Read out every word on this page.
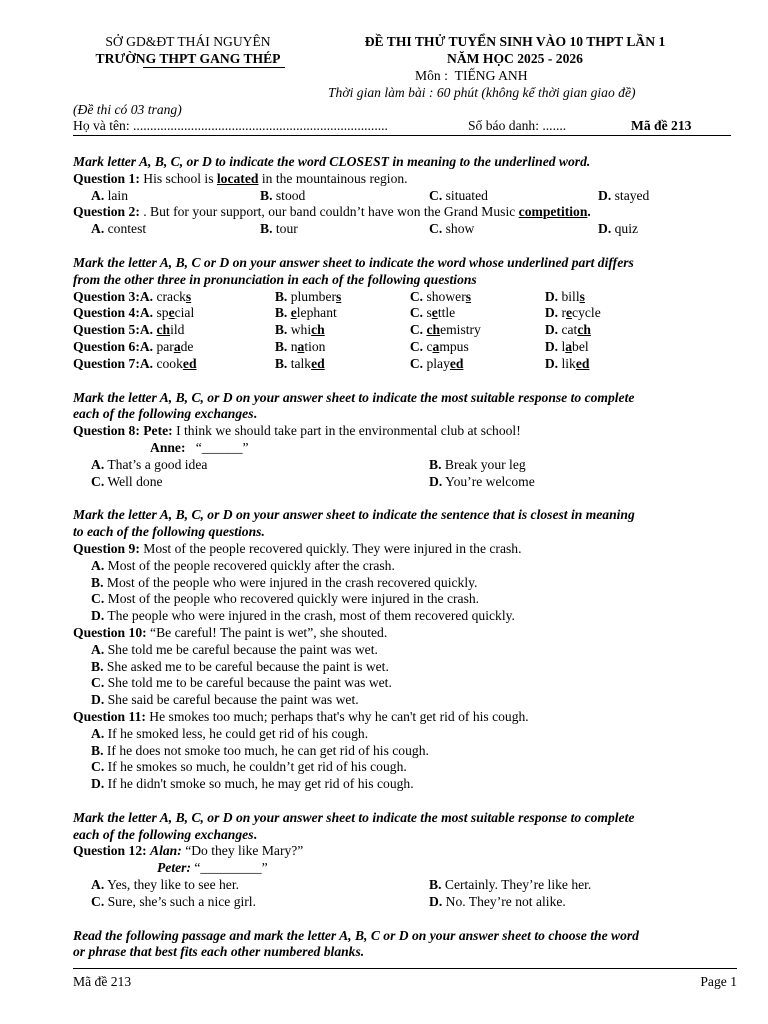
SỞ GD&ĐT THÁI NGUYÊN
TRƯỜNG THPT GANG THÉP
ĐỀ THI THỬ TUYỂN SINH VÀO 10 THPT LẦN 1
NĂM HỌC 2025 - 2026
Môn : TIẾNG ANH
Thời gian làm bài : 60 phút (không kể thời gian giao đề)
(Đề thi có 03 trang)
Họ và tên: ...........................................................................	Số báo danh: .......	Mã đề 213
Mark letter A, B, C, or D to indicate the word CLOSEST in meaning to the underlined word.
Question 1: His school is located in the mountainous region.
A. lain	B. stood	C. situated	D. stayed
Question 2: . But for your support, our band couldn’t have won the Grand Music competition.
A. contest	B. tour	C. show	D. quiz
Mark the letter A, B, C or D on your answer sheet to indicate the word whose underlined part differs
from the other three in pronunciation in each of the following questions
Question 3: A. cracks	B. plumbers	C. showers	D. bills
Question 4: A. special	B. elephant	C. settle	D. recycle
Question 5: A. child	B. which	C. chemistry	D. catch
Question 6: A. parade	B. nation	C. campus	D. label
Question 7: A. cooked	B. talked	C. played	D. liked
Mark the letter A, B, C, or D on your answer sheet to indicate the most suitable response to complete
each of the following exchanges.
Question 8: Pete: I think we should take part in the environmental club at school!
Anne: “______”
A. That’s a good idea	B. Break your leg
C. Well done	D. You’re welcome
Mark the letter A, B, C, or D on your answer sheet to indicate the sentence that is closest in meaning
to each of the following questions.
Question 9: Most of the people recovered quickly. They were injured in the crash.
A. Most of the people recovered quickly after the crash.
B. Most of the people who were injured in the crash recovered quickly.
C. Most of the people who recovered quickly were injured in the crash.
D. The people who were injured in the crash, most of them recovered quickly.
Question 10: “Be careful! The paint is wet”, she shouted.
A. She told me be careful because the paint was wet.
B. She asked me to be careful because the paint is wet.
C. She told me to be careful because the paint was wet.
D. She said be careful because the paint was wet.
Question 11: He smokes too much; perhaps that's why he can't get rid of his cough.
A. If he smoked less, he could get rid of his cough.
B. If he does not smoke too much, he can get rid of his cough.
C. If he smokes so much, he couldn’t get rid of his cough.
D. If he didn't smoke so much, he may get rid of his cough.
Mark the letter A, B, C, or D on your answer sheet to indicate the most suitable response to complete
each of the following exchanges.
Question 12: Alan: “Do they like Mary?”
Peter: “_________”
A. Yes, they like to see her.	B. Certainly. They’re like her.
C. Sure, she’s such a nice girl.	D. No. They’re not alike.
Read the following passage and mark the letter A, B, C or D on your answer sheet to choose the word
or phrase that best fits each other numbered blanks.
Mã đề 213	Page 1
